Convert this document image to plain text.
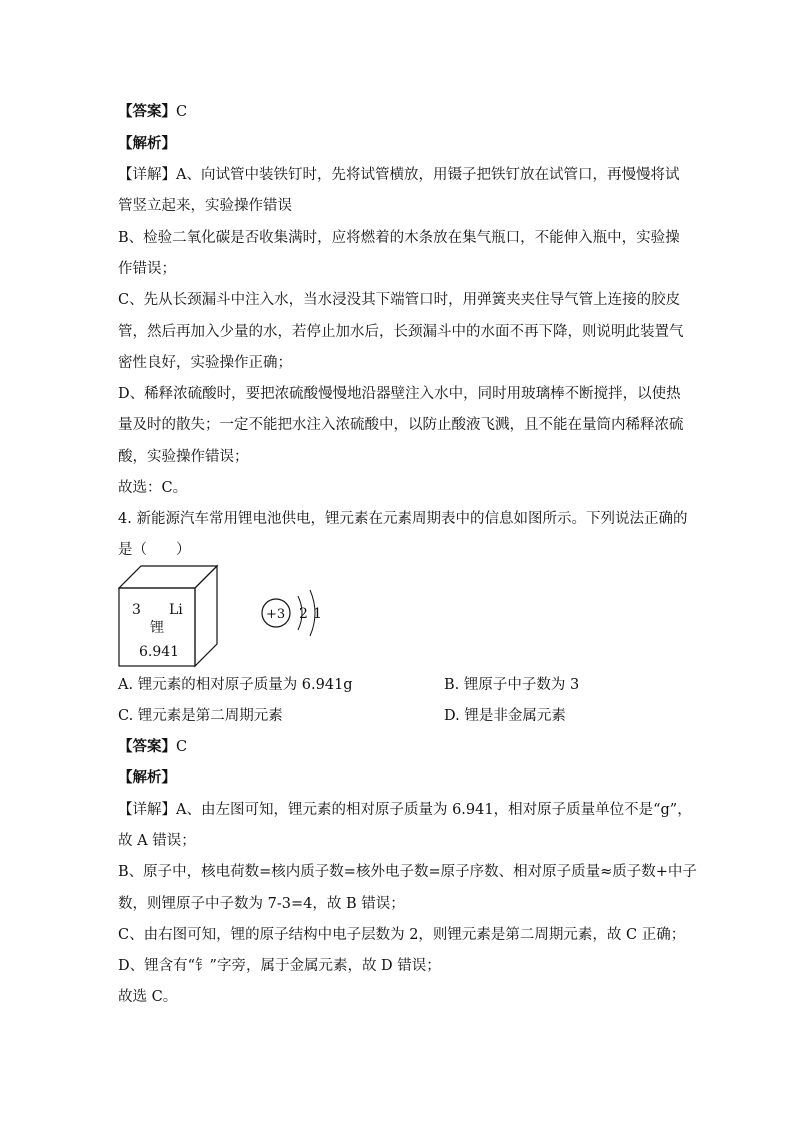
【答案】C
【解析】
【详解】A、向试管中装铁钉时，先将试管横放，用镊子把铁钉放在试管口，再慢慢将试
管竖立起来，实验操作错误
B、检验二氧化碳是否收集满时，应将燃着的木条放在集气瓶口，不能伸入瓶中，实验操
作错误；
C、先从长颈漏斗中注入水，当水浸没其下端管口时，用弹簧夹夹住导气管上连接的胶皮
管，然后再加入少量的水，若停止加水后，长颈漏斗中的水面不再下降，则说明此装置气
密性良好，实验操作正确；
D、稀释浓硫酸时，要把浓硫酸慢慢地沿器壁注入水中，同时用玻璃棒不断搅拌，以使热
量及时的散失；一定不能把水注入浓硫酸中，以防止酸液飞溅，且不能在量筒内稀释浓硫
酸，实验操作错误；
故选：C。
4. 新能源汽车常用锂电池供电，锂元素在元素周期表中的信息如图所示。下列说法正确的
是（　　）
3 Li
锂
6.941
+3 2 1
A. 锂元素的相对原子质量为 6.941g	B. 锂原子中子数为 3
C. 锂元素是第二周期元素	D. 锂是非金属元素
【答案】C
【解析】
【详解】A、由左图可知，锂元素的相对原子质量为 6.941，相对原子质量单位不是“g”，
故 A 错误；
B、原子中，核电荷数=核内质子数=核外电子数=原子序数、相对原子质量≈质子数+中子
数，则锂原子中子数为 7-3=4，故 B 错误；
C、由右图可知，锂的原子结构中电子层数为 2，则锂元素是第二周期元素，故 C 正确；
D、锂含有“钅”字旁，属于金属元素，故 D 错误；
故选 C。
